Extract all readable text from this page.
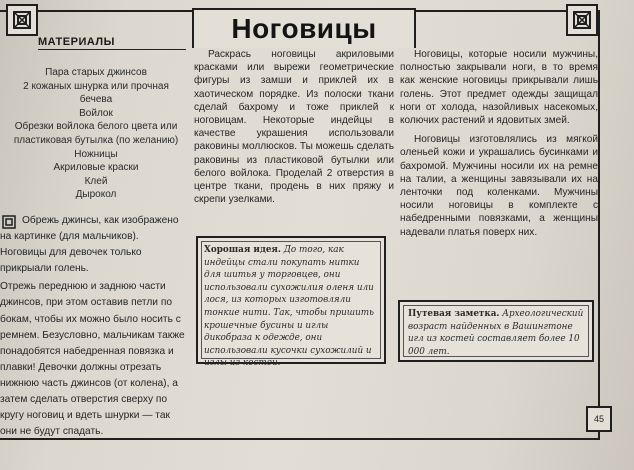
Ноговицы
МАТЕРИАЛЫ
Пара старых джинсов
2 кожаных шнурка или прочная
бечева
Войлок
Обрезки войлока белого цвета или
пластиковая бутылка (по желанию)
Ножницы
Акриловые краски
Клей
Дырокол

Обрежь джинсы, как изображено на картинке (для мальчиков). Ноговицы для девочек только прикрыали голень.

Отрежь переднюю и заднюю части джинсов, при этом оставив петли по бокам, чтобы их можно было носить с ремнем. Безусловно, мальчикам также понадобятся набедренная повязка и плавки! Девочки должны отрезать нижнюю часть джинсов (от колена), а затем сделать отверстия сверху по кругу ноговиц и вдеть шнурки — так они не будут спадать.

Раскрась ноговицы акриловыми красками или вырежи геометрические фигуры из замши и приклей их в хаотическом порядке. Из полоски ткани сделай бахрому и тоже приклей к ноговицам. Некоторые индейцы в качестве украшения использовали раковины моллюсков. Ты можешь сделать раковины из пластиковой бутылки или белого войлока. Проделай 2 отверстия в центре ткани, продень в них пряжу и скрепи узелками.

Ноговицы, которые носили мужчины, полностью закрывали ноги, в то время как женские ноговицы прикрывали лишь голень. Этот предмет одежды защищал ноги от холода, назойливых насекомых, колючих растений и ядовитых змей.

Ноговицы изготовлялись из мягкой оленьей кожи и украшались бусинками и бахромой. Мужчины носили их на ремне на талии, а женщины завязывали их на ленточки под коленками. Мужчины носили ноговицы в комплекте с набедренными повязками, а женщины надевали платья поверх них.

Хорошая идея. До того, как индейцы стали покупать нитки для шитья у торговцев, они использовали сухожилия оленя или лося, из которых изготовляли тонкие нити. Так, чтобы пришить крошечные бусины и иглы дикобраза к одежде, они использовали кусочки сухожилий и иглы из костей.

Путевая заметка. Археологический возраст найденных в Вашингтоне игл из костей составляет более 10 000 лет.

45
